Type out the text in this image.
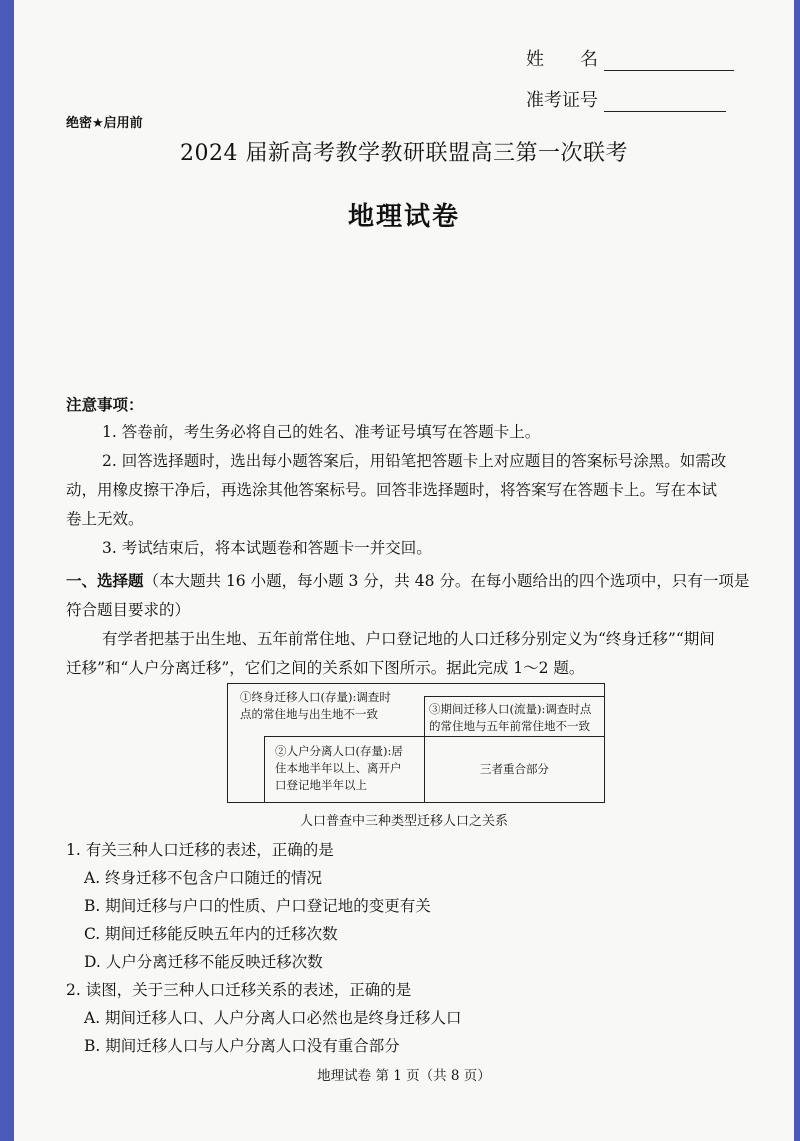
姓　　名
准考证号
绝密★启用前
2024 届新高考教学教研联盟高三第一次联考
地理试卷
注意事项：
1. 答卷前，考生务必将自己的姓名、准考证号填写在答题卡上。
2. 回答选择题时，选出每小题答案后，用铅笔把答题卡上对应题目的答案标号涂黑。如需改
动，用橡皮擦干净后，再选涂其他答案标号。回答非选择题时，将答案写在答题卡上。写在本试
卷上无效。
3. 考试结束后，将本试题卷和答题卡一并交回。
一、选择题（本大题共 16 小题，每小题 3 分，共 48 分。在每小题给出的四个选项中，只有一项是
符合题目要求的）
有学者把基于出生地、五年前常住地、户口登记地的人口迁移分别定义为“终身迁移”“期间
迁移”和“人户分离迁移”，它们之间的关系如下图所示。据此完成 1～2 题。
①终身迁移人口(存量):调查时
点的常住地与出生地不一致	③期间迁移人口(流量):调查时点
的常住地与五年前常住地不一致
②人户分离人口(存量):居
住本地半年以上、离开户
口登记地半年以上
三者重合部分
人口普查中三种类型迁移人口之关系
1. 有关三种人口迁移的表述，正确的是
A. 终身迁移不包含户口随迁的情况
B. 期间迁移与户口的性质、户口登记地的变更有关
C. 期间迁移能反映五年内的迁移次数
D. 人户分离迁移不能反映迁移次数
2. 读图，关于三种人口迁移关系的表述，正确的是
A. 期间迁移人口、人户分离人口必然也是终身迁移人口
B. 期间迁移人口与人户分离人口没有重合部分
地理试卷 第 1 页（共 8 页）
